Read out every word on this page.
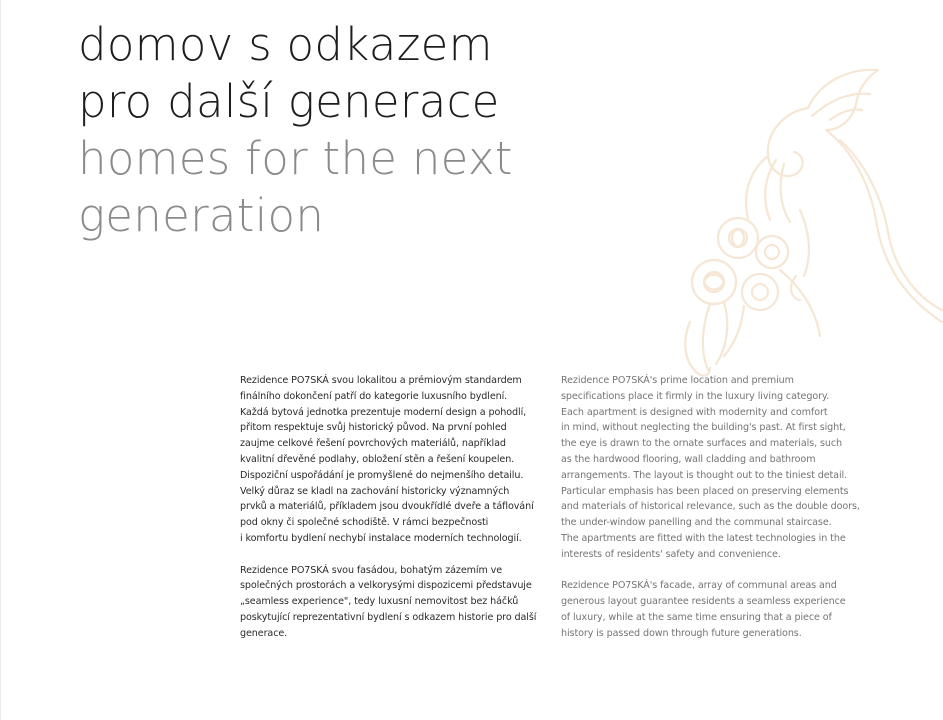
domov s odkazem
pro další generace
homes for the next
generation

Rezidence PO7SKÁ svou lokalitou a prémiovým standardem
finálního dokončení patří do kategorie luxusního bydlení.
Každá bytová jednotka prezentuje moderní design a pohodlí,
přitom respektuje svůj historický původ. Na první pohled
zaujme celkové řešení povrchových materiálů, například
kvalitní dřevěné podlahy, obložení stěn a řešení koupelen.
Dispoziční uspořádání je promyšlené do nejmenšího detailu.
Velký důraz se kladl na zachování historicky významných
prvků a materiálů, příkladem jsou dvoukřídlé dveře a táflování
pod okny či společné schodiště. V rámci bezpečnosti
i komfortu bydlení nechybí instalace moderních technologií.

Rezidence PO7SKÁ svou fasádou, bohatým zázemím ve
společných prostorách a velkorysými dispozicemi představuje
„seamless experience", tedy luxusní nemovitost bez háčků
poskytující reprezentativní bydlení s odkazem historie pro další
generace.

Rezidence PO7SKÁ's prime location and premium
specifications place it firmly in the luxury living category.
Each apartment is designed with modernity and comfort
in mind, without neglecting the building's past. At first sight,
the eye is drawn to the ornate surfaces and materials, such
as the hardwood flooring, wall cladding and bathroom
arrangements. The layout is thought out to the tiniest detail.
Particular emphasis has been placed on preserving elements
and materials of historical relevance, such as the double doors,
the under-window panelling and the communal staircase.
The apartments are fitted with the latest technologies in the
interests of residents' safety and convenience.

Rezidence PO7SKÁ's facade, array of communal areas and
generous layout guarantee residents a seamless experience
of luxury, while at the same time ensuring that a piece of
history is passed down through future generations.
